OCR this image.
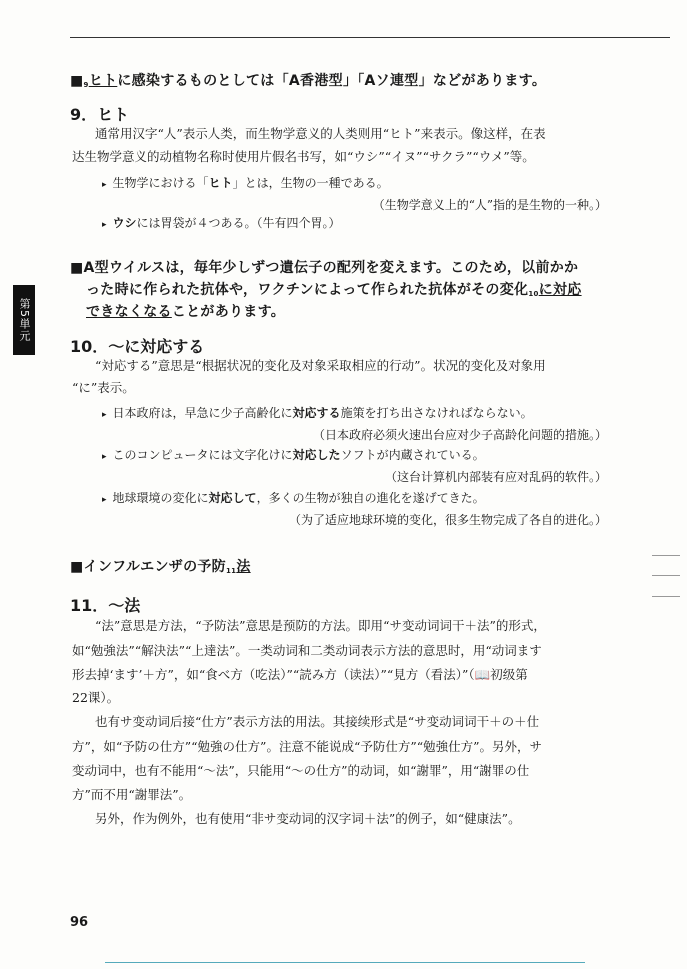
第5単元
■9ヒトに感染するものとしては「A香港型」「Aソ連型」などがあります。
9．ヒト
通常用汉字“人”表示人类，而生物学意义的人类则用“ヒト”来表示。像这样，在表
达生物学意义的动植物名称时使用片假名书写，如“ウシ”“イヌ”“サクラ”“ウメ”等。
▸ 生物学における「ヒト」とは，生物の一種である。
（生物学意义上的“人”指的是生物的一种。）
▸ ウシには胃袋が４つある。（牛有四个胃。）
■A型ウイルスは，毎年少しずつ遺伝子の配列を変えます。このため，以前かか
った時に作られた抗体や，ワクチンによって作られた抗体がその変化10に対応
できなくなることがあります。
10．～に対応する
“対応する”意思是“根据状况的变化及对象采取相应的行动”。状况的变化及对象用
“に”表示。
▸ 日本政府は，早急に少子高齢化に対応する施策を打ち出さなければならない。
（日本政府必须火速出台应对少子高龄化问题的措施。）
▸ このコンピュータには文字化けに対応したソフトが内蔵されている。
（这台计算机内部装有应对乱码的软件。）
▸ 地球環境の変化に対応して，多くの生物が独自の進化を遂げてきた。
（为了适应地球环境的变化，很多生物完成了各自的进化。）
■インフルエンザの予防11法
11．～法
“法”意思是方法，“予防法”意思是预防的方法。即用“サ变动词词干＋法”的形式，
如“勉強法”“解決法”“上達法”。一类动词和二类动词表示方法的意思时，用“动词ます
形去掉‘ます’＋方”，如“食べ方（吃法）”“読み方（读法）”“見方（看法）”（📖初级第
22课）。
也有サ变动词后接“仕方”表示方法的用法。其接续形式是“サ变动词词干＋の＋仕
方”，如“予防の仕方”“勉強の仕方”。注意不能说成“予防仕方”“勉強仕方”。另外，サ
变动词中，也有不能用“～法”，只能用“～の仕方”的动词，如“謝罪”，用“謝罪の仕
方”而不用“謝罪法”。
另外，作为例外，也有使用“非サ变动词的汉字词＋法”的例子，如“健康法”。
96
